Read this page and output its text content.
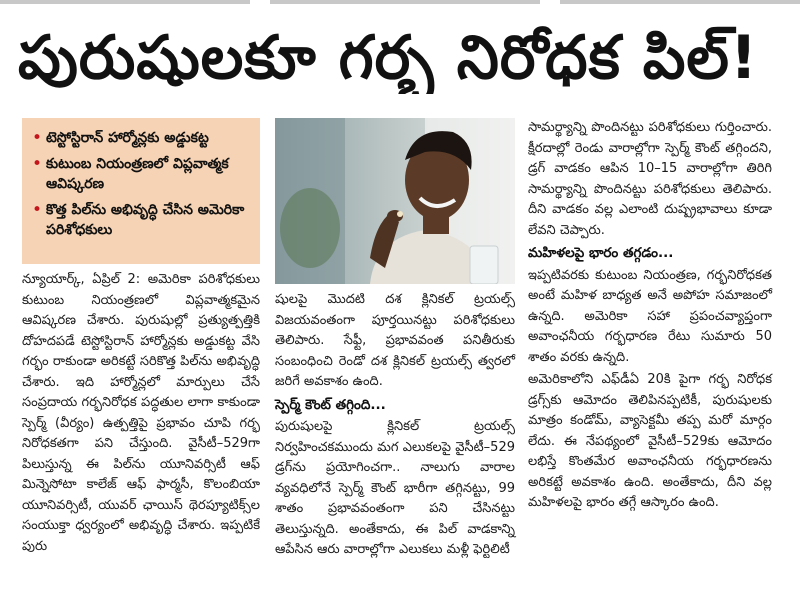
పురుషులకూ గర్భ నిరోధక పిల్‌!
• టెస్టోస్టిరాన్‌ హార్మోన్లకు అడ్డుకట్ట
• కుటుంబ నియంత్రణలో విప్లవాత్మక ఆవిష్కరణ
• కొత్త పిల్‌ను అభివృద్ధి చేసిన అమెరికా పరిశోధకులు

న్యూయార్క్‌, ఏప్రిల్‌ 2: అమెరికా పరిశోధకులు కుటుంబ నియంత్రణలో విప్లవాత్మకమైన ఆవిష్కరణ చేశారు. పురుషుల్లో ప్రత్యుత్పత్తికి దోహదపడే టెస్టోస్టిరాన్‌ హార్మోన్లకు అడ్డుకట్ట వేసి గర్భం రాకుండా అరికట్టే సరికొత్త పిల్‌ను అభివృద్ధి చేశారు. ఇది హార్మోన్లలో మార్పులు చేసే సంప్రదాయ గర్భనిరోధక పద్ధతుల లాగా కాకుండా స్పెర్మ్‌ (వీర్యం) ఉత్పత్తిపై ప్రభావం చూపి గర్భ నిరోధకతగా పని చేస్తుంది. వైసీటీ–529గా పిలుస్తున్న ఈ పిల్‌ను యూనివర్సిటీ ఆఫ్‌ మిన్నెసోటా కాలేజ్‌ ఆఫ్‌ ఫార్మసీ, కొలంబియా యూనివర్సిటీ, యువర్‌ ఛాయిస్‌ థెరప్యూటిక్స్‌ల సంయుక్తా ధ్వర్యంలో అభివృద్ధి చేశారు. ఇప్పటికే పురు

షులపై మొదటి దశ క్లినికల్‌ ట్రయల్స్‌ విజయవంతంగా పూర్తయినట్టు పరిశోధకులు తెలిపారు. సేఫ్టీ, ప్రభావవంత పనితీరుకు సంబంధించి రెండో దశ క్లినికల్‌ ట్రయల్స్‌ త్వరలో జరిగే అవకాశం ఉంది.

స్పెర్మ్‌ కౌంట్‌ తగ్గింది...

పురుషులపై క్లినికల్‌ ట్రయల్స్‌ నిర్వహించకముందు మగ ఎలుకలపై వైసీటీ–529 డ్రగ్‌ను ప్రయోగించగా.. నాలుగు వారాల వ్యవధిలోనే స్పెర్మ్‌ కౌంట్‌ భారీగా తగ్గినట్టు, 99 శాతం ప్రభావవంతంగా పని చేసినట్టు తెలుస్తున్నది. అంతేకాదు, ఈ పిల్‌ వాడకాన్ని ఆపేసిన ఆరు వారాల్లోగా ఎలుకలు మళ్లీ ఫెర్టిలిటీ

సామర్థ్యాన్ని పొందినట్టు పరిశోధకులు గుర్తించారు. క్షీరదాల్లో రెండు వారాల్లోగా స్పెర్మ్‌ కౌంట్‌ తగ్గిందని, డ్రగ్‌ వాడకం ఆపిన 10–15 వారాల్లోగా తిరిగి సామర్థ్యాన్ని పొందినట్టు పరిశోధకులు తెలిపారు. దీని వాడకం వల్ల ఎలాంటి దుష్ప్రభావాలు కూడా లేవని చెప్పారు.

మహిళలపై భారం తగ్గడం...

ఇప్పటివరకు కుటుంబ నియంత్రణ, గర్భనిరోధకత అంటే మహిళ బాధ్యత అనే అపోహ సమాజంలో ఉన్నది. అమెరికా సహా ప్రపంచవ్యాప్తంగా అవాంఛనీయ గర్భధారణ రేటు సుమారు 50 శాతం వరకు ఉన్నది.

అమెరికాలోని ఎఫ్‌డీఏ 20కి పైగా గర్భ నిరోధక డ్రగ్స్‌కు ఆమోదం తెలిపినప్పటికీ, పురుషులకు మాత్రం కండోమ్‌, వ్యాసెక్టమీ తప్ప మరో మార్గం లేదు. ఈ నేపథ్యంలో వైసీటీ–529కు ఆమోదం లభిస్తే కొంతమేర అవాంఛనీయ గర్భధారణను అరికట్టే అవకాశం ఉంది. అంతేకాదు, దీని వల్ల మహిళలపై భారం తగ్గే ఆస్కారం ఉంది.
